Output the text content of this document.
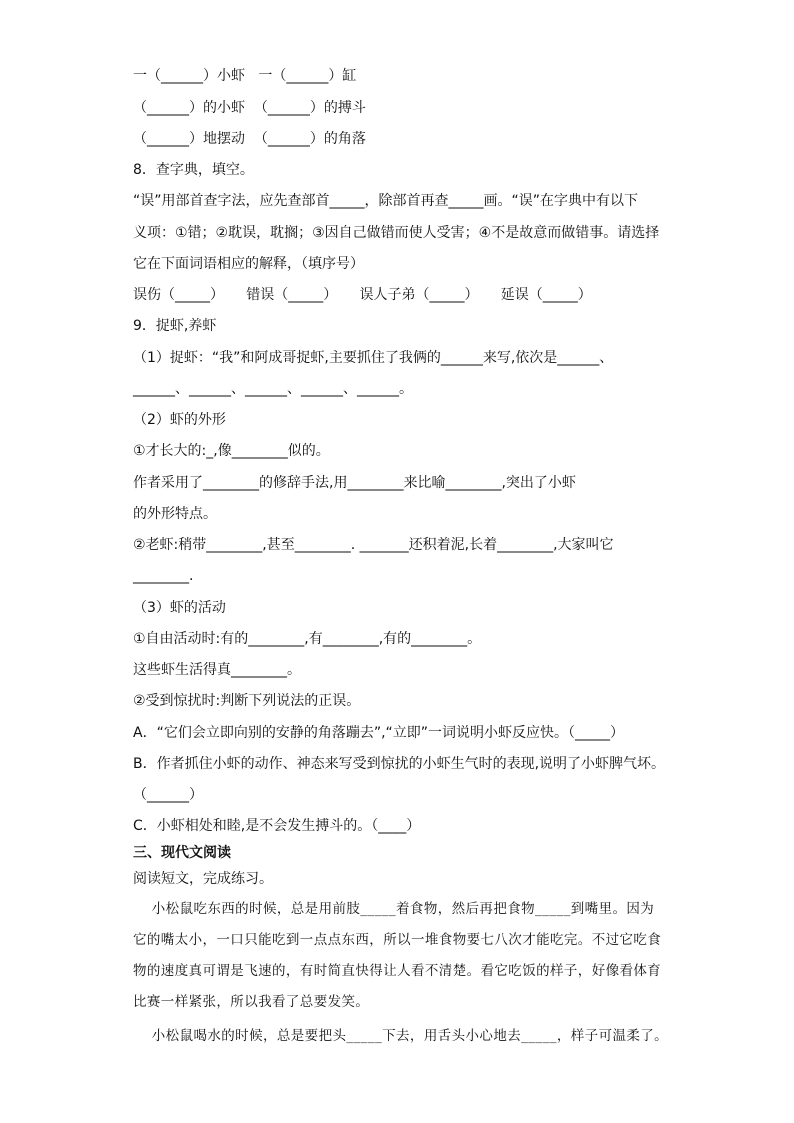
一（______）小虾   一（______）缸
（______）的小虾  （______）的搏斗
（______）地摆动  （______）的角落
8．查字典，填空。
“误”用部首查字法，应先查部首_____，除部首再查_____画。“误”在字典中有以下
义项：①错；②耽误，耽搁；③因自己做错而使人受害；④不是故意而做错事。请选择
它在下面词语相应的解释，（填序号）
误伤（_____）     错误（_____）     误人子弟（_____）     延误（_____）
9．捉虾,养虾
（1）捉虾：“我”和阿成哥捉虾,主要抓住了我俩的______来写,依次是______、
______、______、______、______、______。
（2）虾的外形
①才长大的:_,像________似的。
作者采用了________的修辞手法,用________来比喻________,突出了小虾
的外形特点。
②老虾:稍带________,甚至________. _______还积着泥,长着________,大家叫它
________.
（3）虾的活动
①自由活动时:有的________,有________,有的________。
这些虾生活得真________。
②受到惊扰时:判断下列说法的正误。
A．“它们会立即向别的安静的角落蹦去”,“立即”一词说明小虾反应快。（_____）
B．作者抓住小虾的动作、神态来写受到惊扰的小虾生气时的表现,说明了小虾脾气坏。
（______）
C．小虾相处和睦,是不会发生搏斗的。（____）
三、现代文阅读
阅读短文，完成练习。
小松鼠吃东西的时候，总是用前肢_____着食物，然后再把食物_____到嘴里。因为
它的嘴太小，一口只能吃到一点点东西，所以一堆食物要七八次才能吃完。不过它吃食
物的速度真可谓是飞速的，有时简直快得让人看不清楚。看它吃饭的样子，好像看体育
比赛一样紧张，所以我看了总要发笑。
小松鼠喝水的时候，总是要把头_____下去，用舌头小心地去_____，样子可温柔了。
